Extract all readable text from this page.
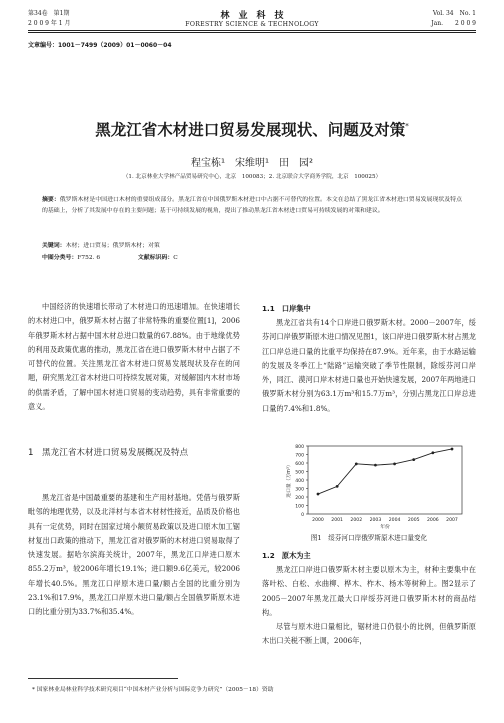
第34卷　第1期
2 0 0 9 年 1 月
林　业　科　技
FORESTRY SCIENCE & TECHNOLOGY
Vol. 34　No. 1
Jan.　　2 0 0 9
文章编号：1001－7499（2009）01－0060－04
黑龙江省木材进口贸易发展现状、问题及对策*
程宝栋¹　宋维明¹　田　园²
（1. 北京林业大学林产品贸易研究中心，北京　100083；2. 北京联合大学商务学院，北京　100025）
摘要：俄罗斯木材是中国进口木材的重要组成部分。黑龙江省在中国俄罗斯木材进口中占据不可替代的位置。本文在总结了黑龙江省木材进口贸易发展现状及特点的基础上，分析了其发展中存在的主要问题；基于可持续发展的视角，提出了推动黑龙江省木材进口贸易可持续发展的对策和建议。
关键词：木材；进口贸易；俄罗斯木材；对策
中图分类号：F752. 6	文献标识码：C

中国经济的快速增长带动了木材进口的迅速增加。在快速增长的木材进口中，俄罗斯木材占据了非常特殊的重要位置[1]，2006年俄罗斯木材占据中国木材总进口数量的67.88%。由于地缘优势的利用及政策优惠的推动，黑龙江省在进口俄罗斯木材中占据了不可替代的位置。关注黑龙江省木材进口贸易发展现状及存在的问题，研究黑龙江省木材进口可持续发展对策，对缓解国内木材市场的供需矛盾，了解中国木材进口贸易的变动趋势，具有非常重要的意义。

1　黑龙江省木材进口贸易发展概况及特点

黑龙江省是中国最重要的基建和生产用材基地。凭借与俄罗斯毗邻的地理优势，以及北洋材与本省木材材性接近，品质及价格也具有一定优势，同时在国家过境小额贸易政策以及进口原木加工锯材复出口政策的推动下，黑龙江省对俄罗斯的木材进口贸易取得了快速发展。据哈尔滨海关统计，2007年，黑龙江口岸进口原木855.2万m³，较2006年增长19.1%；进口额9.6亿美元，较2006年增长40.5%。黑龙江口岸原木进口量/额占全国的比重分别为23.1%和17.9%，黑龙江口岸原木进口量/额占全国俄罗斯原木进口的比重分别为33.7%和35.4%。

1.1　口岸集中

黑龙江省共有14个口岸进口俄罗斯木材。2000－2007年，绥芬河口岸俄罗斯原木进口情况见图1，该口岸进口俄罗斯木材占黑龙江口岸总进口量的比重平均保持在87.9%。近年来，由于水路运输的发展及冬季江上“陆路”运输突破了季节性限制，除绥芬河口岸外，同江、漠河口岸木材进口量也开始快速发展，2007年两地进口俄罗斯木材分别为63.1万m³和15.7万m³，分别占黑龙江口岸总进口量的7.4%和1.8%。

0
100
200
300
400
500
600
700
800
2000 2001 2002 2003 2004 2005 2006 2007
进口量（万m³）
年份
图1　绥芬河口岸俄罗斯原木进口量变化
1.2　原木为主

黑龙江口岸进口俄罗斯木材主要以原木为主，材种主要集中在落叶松、白松、水曲柳、桦木、柞木、杨木等树种上。图2显示了2005－2007年黑龙江最大口岸绥芬河进口俄罗斯木材的商品结构。

尽管与原木进口量相比，锯材进口仍很小的比例，但俄罗斯原木出口关税不断上调，2006年，

* 国家林业局林业科学技术研究项目“中国木材产业分析与国际竞争力研究”（2005－18）资助
